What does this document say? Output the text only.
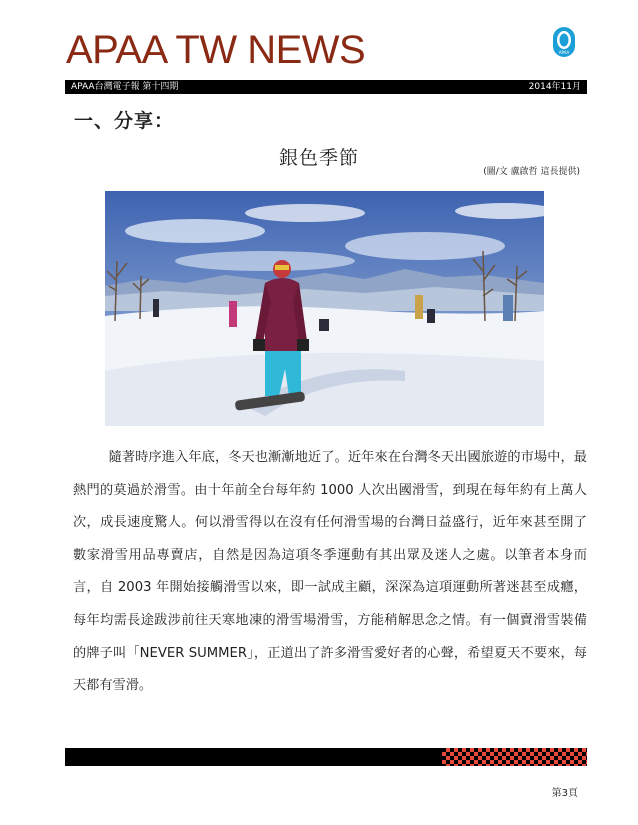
APAA TW NEWS	APAA
APAA台灣電子報 第十四期	2014年11月
一、分享：
銀色季節
(圖/文 盧啟哲 這長提供)

隨著時序進入年底，冬天也漸漸地近了。近年來在台灣冬天出國旅遊的市場中，最熱門的莫過於滑雪。由十年前全台每年約 1000 人次出國滑雪，到現在每年約有上萬人次，成長速度驚人。何以滑雪得以在沒有任何滑雪場的台灣日益盛行，近年來甚至開了數家滑雪用品專賣店，自然是因為這項冬季運動有其出眾及迷人之處。以筆者本身而言，自 2003 年開始接觸滑雪以來，即一試成主顧，深深為這項運動所著迷甚至成癮，每年均需長途跋涉前往天寒地凍的滑雪場滑雪，方能稍解思念之情。有一個賣滑雪裝備的牌子叫「NEVER SUMMER」，正道出了許多滑雪愛好者的心聲，希望夏天不要來，每天都有雪滑。

第3頁
